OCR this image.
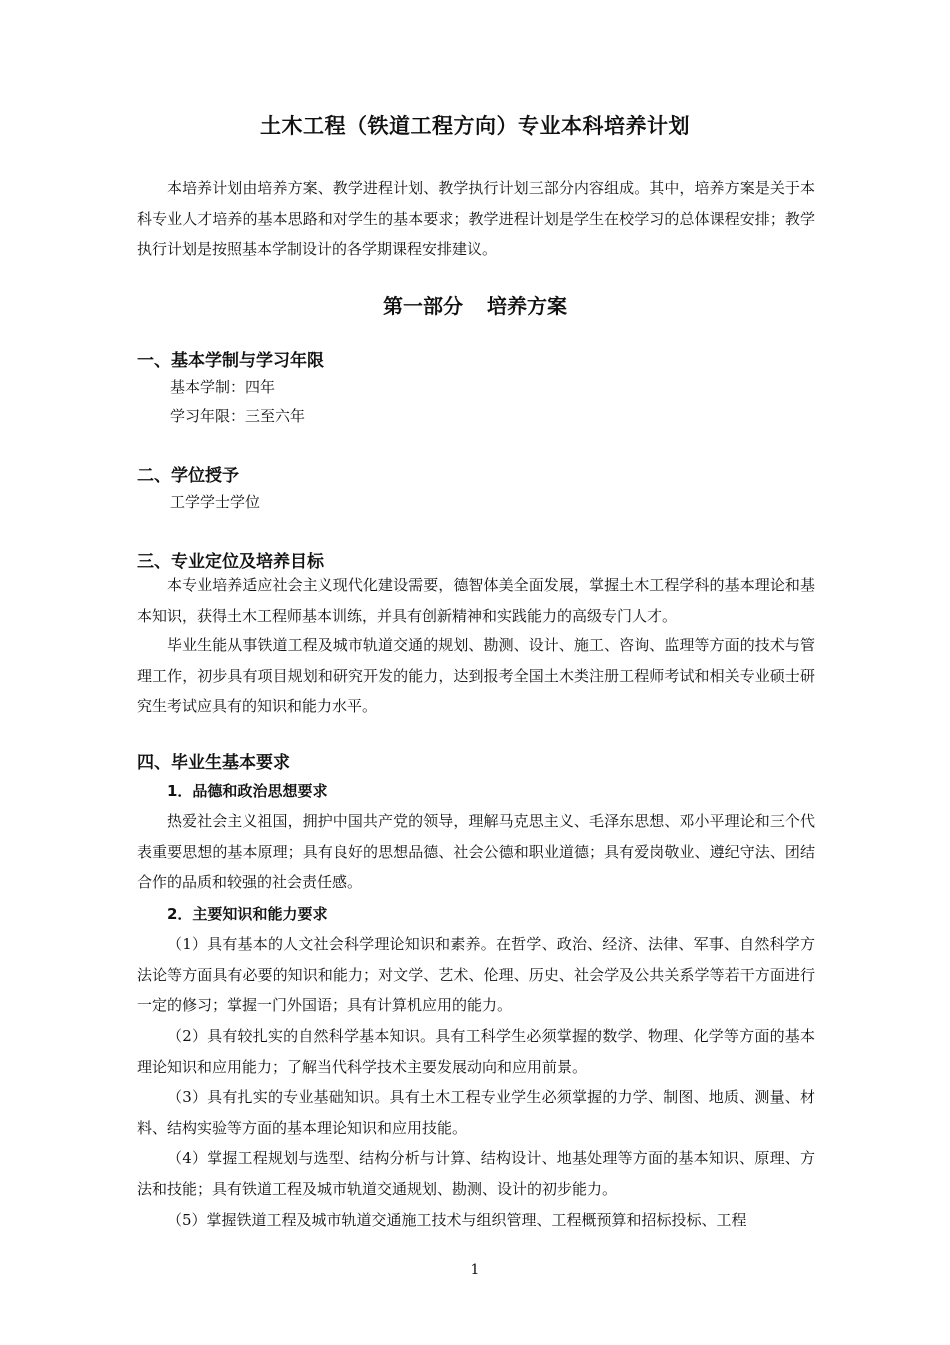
土木工程（铁道工程方向）专业本科培养计划

本培养计划由培养方案、教学进程计划、教学执行计划三部分内容组成。其中，培养方案是关于本科专业人才培养的基本思路和对学生的基本要求；教学进程计划是学生在校学习的总体课程安排；教学执行计划是按照基本学制设计的各学期课程安排建议。

第一部分 培养方案
一、基本学制与学习年限
基本学制：四年
学习年限：三至六年
二、学位授予
工学学士学位
三、专业定位及培养目标

本专业培养适应社会主义现代化建设需要，德智体美全面发展，掌握土木工程学科的基本理论和基本知识，获得土木工程师基本训练，并具有创新精神和实践能力的高级专门人才。

毕业生能从事铁道工程及城市轨道交通的规划、勘测、设计、施工、咨询、监理等方面的技术与管理工作，初步具有项目规划和研究开发的能力，达到报考全国土木类注册工程师考试和相关专业硕士研究生考试应具有的知识和能力水平。

四、毕业生基本要求
1．品德和政治思想要求

热爱社会主义祖国，拥护中国共产党的领导，理解马克思主义、毛泽东思想、邓小平理论和三个代表重要思想的基本原理；具有良好的思想品德、社会公德和职业道德；具有爱岗敬业、遵纪守法、团结合作的品质和较强的社会责任感。

2．主要知识和能力要求

（1）具有基本的人文社会科学理论知识和素养。在哲学、政治、经济、法律、军事、自然科学方法论等方面具有必要的知识和能力；对文学、艺术、伦理、历史、社会学及公共关系学等若干方面进行一定的修习；掌握一门外国语；具有计算机应用的能力。

（2）具有较扎实的自然科学基本知识。具有工科学生必须掌握的数学、物理、化学等方面的基本理论知识和应用能力；了解当代科学技术主要发展动向和应用前景。

（3）具有扎实的专业基础知识。具有土木工程专业学生必须掌握的力学、制图、地质、测量、材料、结构实验等方面的基本理论知识和应用技能。

（4）掌握工程规划与选型、结构分析与计算、结构设计、地基处理等方面的基本知识、原理、方法和技能；具有铁道工程及城市轨道交通规划、勘测、设计的初步能力。

（5）掌握铁道工程及城市轨道交通施工技术与组织管理、工程概预算和招标投标、工程

1
